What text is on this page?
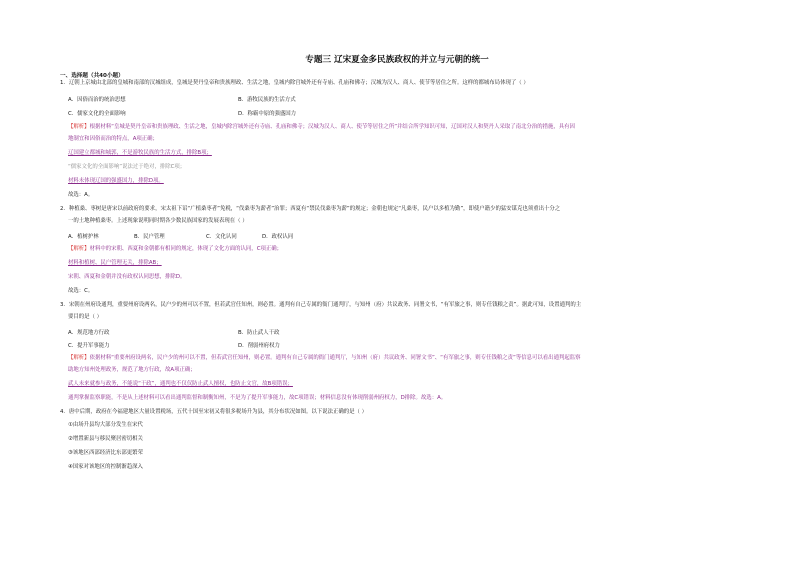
专题三 辽宋夏金多民族政权的并立与元朝的统一
一、选择题（共40小题）
1．辽朝上京城由北部的皇城和南部的汉城组成，皇城是契丹皇帝和贵族理政、生活之地，皇城内除宫城外还有寺庙、孔庙和佛寺；汉城为汉人、商人、使节等居住之所。这样的都城布局体现了（ ）
A．因俗而治的统治思想	B．游牧民族的生活方式
C．儒家文化的全面影响	D．称霸中原的强盛国力
【解析】根据材料“皇城是契丹皇帝和贵族理政、生活之地，皇城内除宫城外还有寺庙、孔庙和佛寺；汉城为汉人、商人、使节等居住之所”并结合所学知识可知，辽国对汉人和契丹人采取了南北分治的措施，具有因
地制宜和因俗而治的特点，A项正确；
辽国建立都城和城郭，不是游牧民族的生活方式，排除B项；
“儒家文化的全面影响”说法过于绝对，排除C项；
材料未体现辽国的强盛国力，排除D项。
故选：A。
2．种植桑、枣树是唐宋以前政府的要求，宋太祖下诏“广植桑枣者”免税，“伐桑枣为薪者”治罪；西夏有“禁民伐桑枣为薪”的规定；金朝也规定“凡桑枣，民户以多植为勤”，即使户籍少的猛安谋克也须重出十分之
一的土地种植桑枣。上述现象说明同时期各少数民族国家的发展表现在（ ）
A．植树护林	B．民户管理	C．文化认同	D．政权认同
【解析】材料中的宋朝、西夏和金朝都有相同的规定，体现了文化方面的认同，C项正确；
材料和植树、民户管理无关，排除AB；
宋朝、西夏和金朝并没有政权认同思想，排除D。
故选：C。
3．宋朝在州府设通判，重要州府设两名，民户少的州可以不置，但若武官任知州，则必置。通判有自己专属的衙门通判厅，与知州（府）共议政务、同署文书，“有军旅之事，则专任钱粮之责”。据此可知，设置通判的主
要目的是（ ）
A．规范地方行政	B．防止武人干政
C．提升军事能力	D．削弱州府权力
【解析】依据材料“重要州府设两名，民户少的州可以不置，但若武官任知州，则必置。通判有自己专属的衙门通判厅，与知州（府）共议政务、同署文书”、“有军旅之事，则专任钱粮之责”等信息可以看出通判起监察
助地方知州处理政务，规范了地方行政，故A项正确；
武人未来就参与政务，不能说“干政”，通判也不仅仅防止武人擅权，也防止文官，故B项错误；
通判掌握监察职能，不是从上述材料可以看出通判监督和制衡知州，不是为了提升军事能力，故C项错误；材料信息没有体现削弱州府权力，D排除。故选：A。
4．唐中后期，政府在今福建地区大量设置税场，五代十国至宋初又将很多税场升为县，其分布状况如图。以下说法正确的是（ ）
①由场升县均大部分发生在宋代
②增置新县与移民聚居密切相关
③该地区西部经济比东部更繁荣
④国家对该地区的控制渐趋深入
